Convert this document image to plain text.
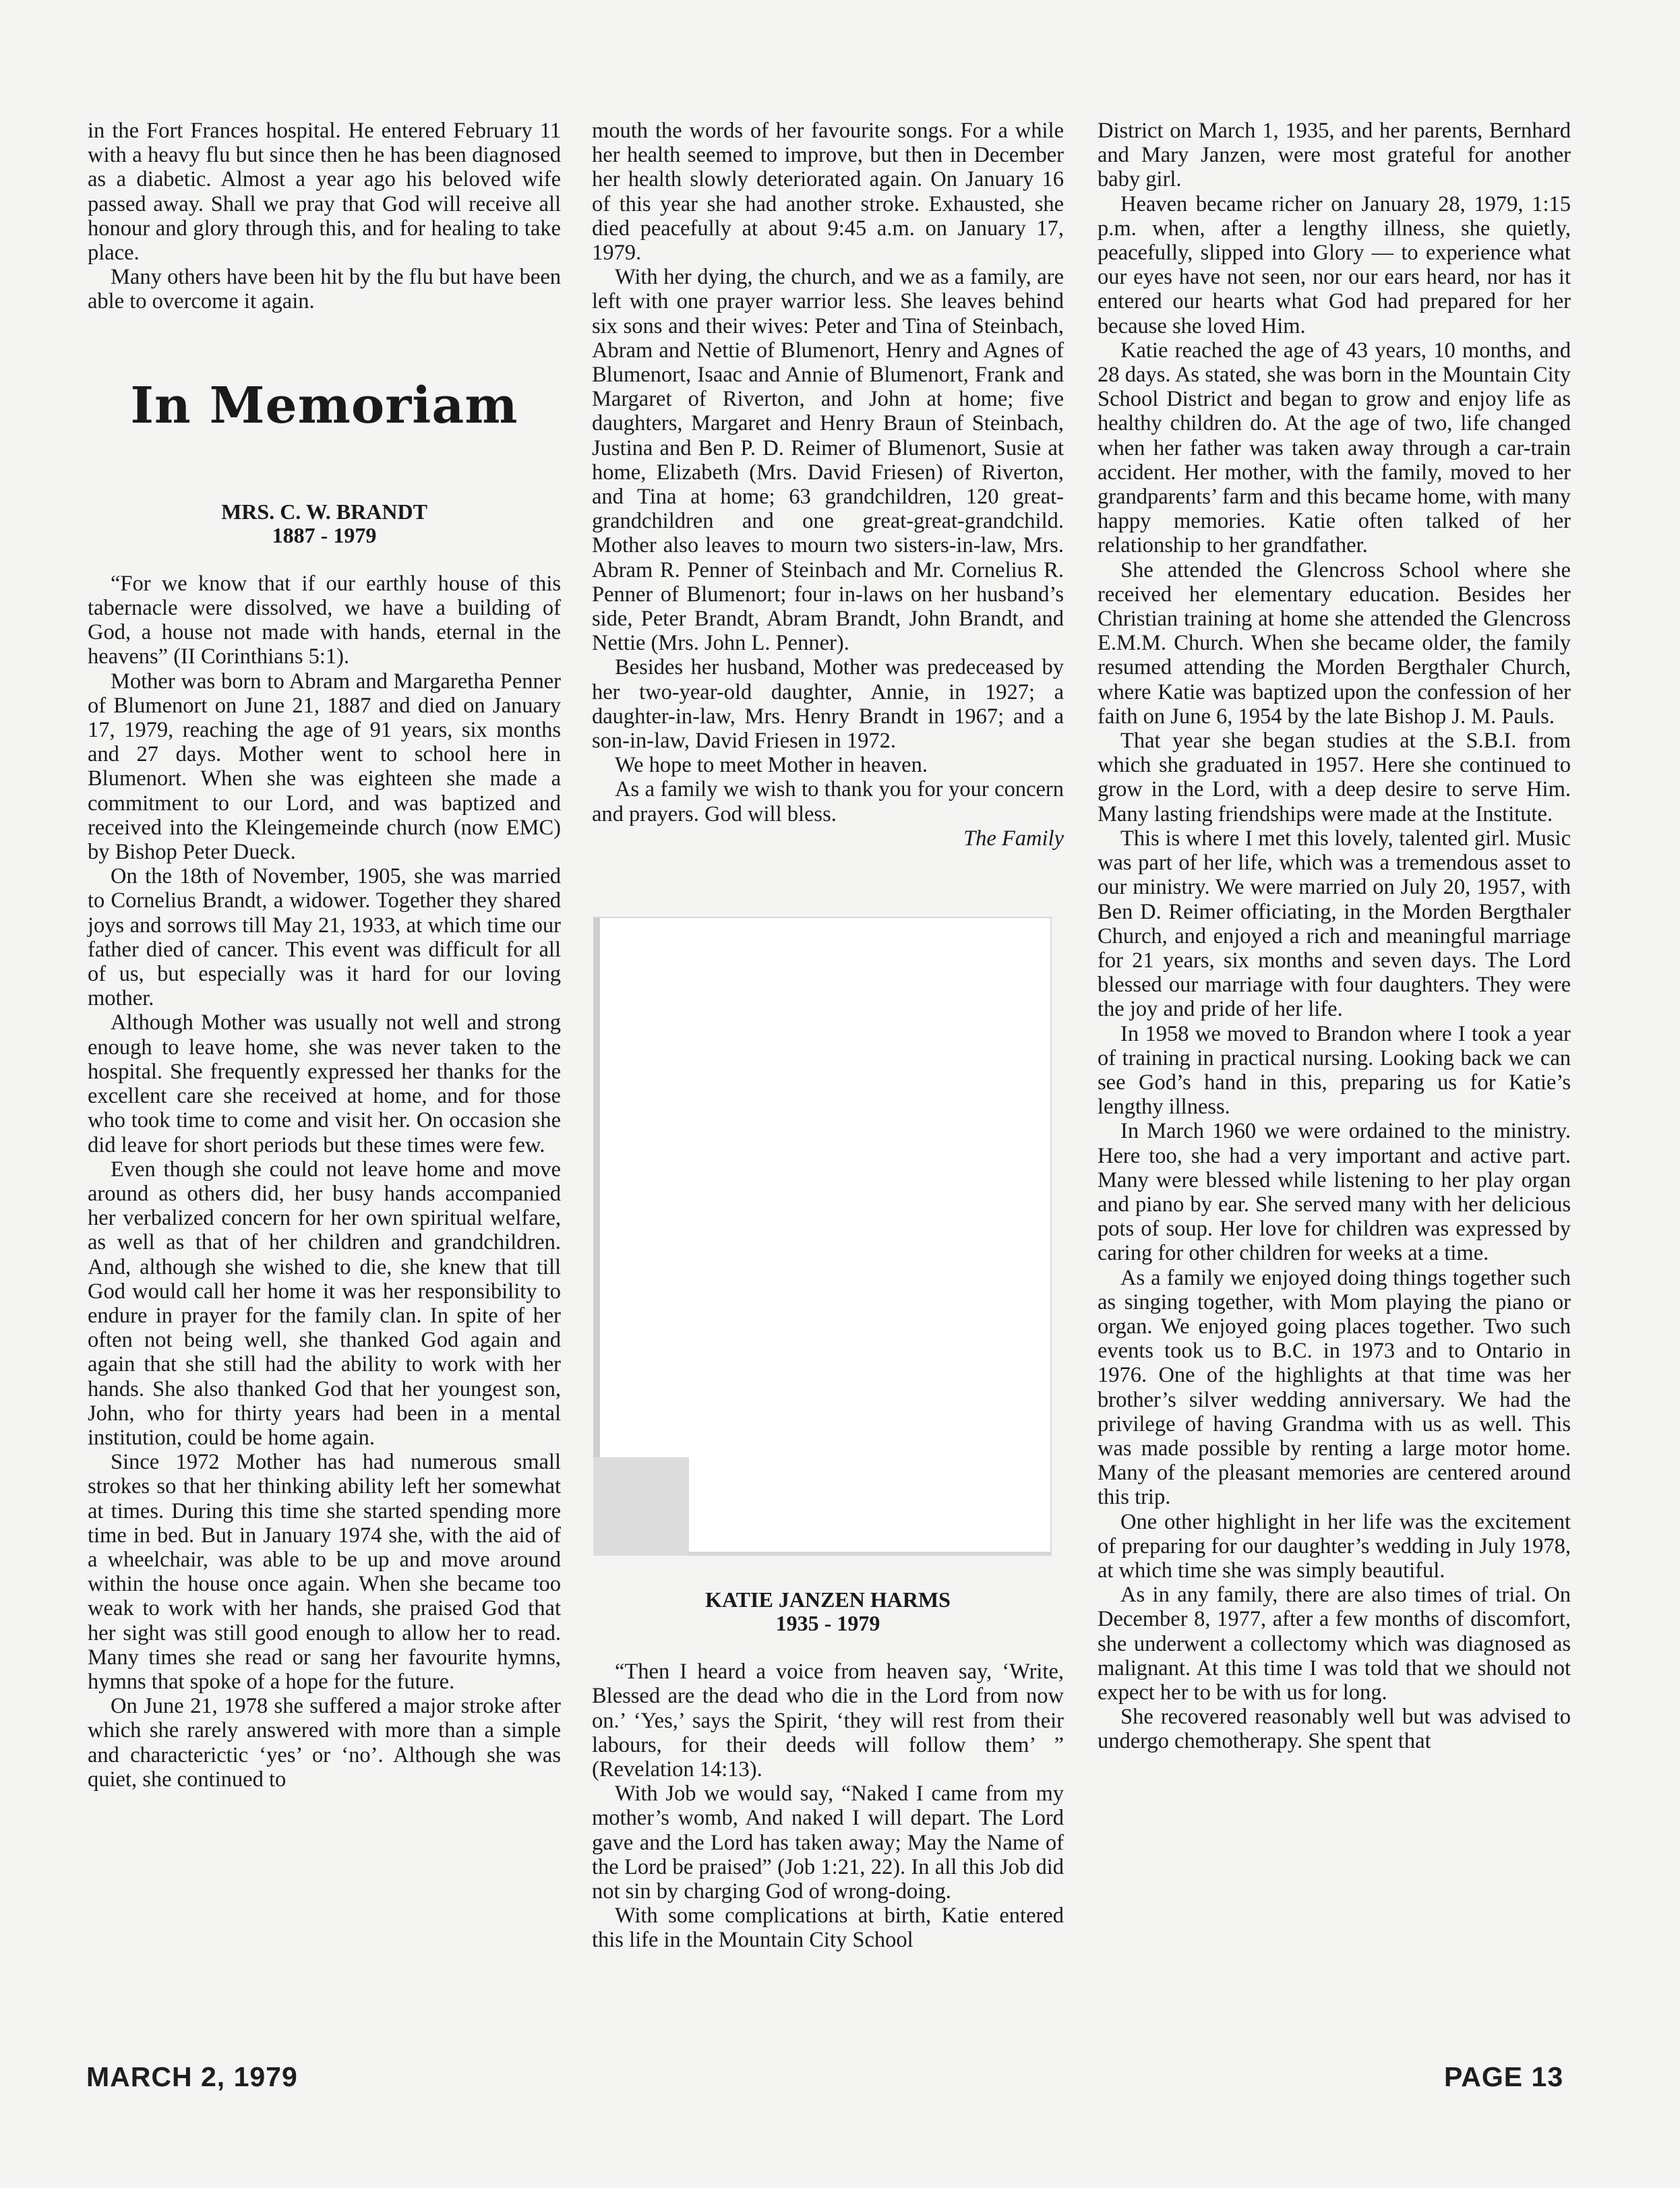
in the Fort Frances hospital. He entered February 11 with a heavy flu but since then he has been diagnosed as a diabetic. Almost a year ago his beloved wife passed away. Shall we pray that God will receive all honour and glory through this, and for healing to take place.

Many others have been hit by the flu but have been able to overcome it again.

In Memoriam
MRS. C. W. BRANDT
1887 - 1979

“For we know that if our earthly house of this tabernacle were dissolved, we have a building of God, a house not made with hands, eternal in the heavens” (II Corinthians 5:1).

Mother was born to Abram and Margaretha Penner of Blumenort on June 21, 1887 and died on January 17, 1979, reaching the age of 91 years, six months and 27 days. Mother went to school here in Blumenort. When she was eighteen she made a commitment to our Lord, and was baptized and received into the Kleingemeinde church (now EMC) by Bishop Peter Dueck.

On the 18th of November, 1905, she was married to Cornelius Brandt, a widower. Together they shared joys and sorrows till May 21, 1933, at which time our father died of cancer. This event was difficult for all of us, but especially was it hard for our loving mother.

Although Mother was usually not well and strong enough to leave home, she was never taken to the hospital. She frequently expressed her thanks for the excellent care she received at home, and for those who took time to come and visit her. On occasion she did leave for short periods but these times were few.

Even though she could not leave home and move around as others did, her busy hands accompanied her verbalized concern for her own spiritual welfare, as well as that of her children and grandchildren. And, although she wished to die, she knew that till God would call her home it was her responsibility to endure in prayer for the family clan. In spite of her often not being well, she thanked God again and again that she still had the ability to work with her hands. She also thanked God that her youngest son, John, who for thirty years had been in a mental institution, could be home again.

Since 1972 Mother has had numerous small strokes so that her thinking ability left her somewhat at times. During this time she started spending more time in bed. But in January 1974 she, with the aid of a wheelchair, was able to be up and move around within the house once again. When she became too weak to work with her hands, she praised God that her sight was still good enough to allow her to read. Many times she read or sang her favourite hymns, hymns that spoke of a hope for the future.

On June 21, 1978 she suffered a major stroke after which she rarely answered with more than a simple and characterictic ‘yes’ or ‘no’. Although she was quiet, she continued to

mouth the words of her favourite songs. For a while her health seemed to improve, but then in December her health slowly deteriorated again. On January 16 of this year she had another stroke. Exhausted, she died peacefully at about 9:45 a.m. on January 17, 1979.

With her dying, the church, and we as a family, are left with one prayer warrior less. She leaves behind six sons and their wives: Peter and Tina of Steinbach, Abram and Nettie of Blumenort, Henry and Agnes of Blumenort, Isaac and Annie of Blumenort, Frank and Margaret of Riverton, and John at home; five daughters, Margaret and Henry Braun of Steinbach, Justina and Ben P. D. Reimer of Blumenort, Susie at home, Elizabeth (Mrs. David Friesen) of Riverton, and Tina at home; 63 grandchildren, 120 great-grandchildren and one great-great-grandchild. Mother also leaves to mourn two sisters-in-law, Mrs. Abram R. Penner of Steinbach and Mr. Cornelius R. Penner of Blumenort; four in-laws on her husband’s side, Peter Brandt, Abram Brandt, John Brandt, and Nettie (Mrs. John L. Penner).

Besides her husband, Mother was predeceased by her two-year-old daughter, Annie, in 1927; a daughter-in-law, Mrs. Henry Brandt in 1967; and a son-in-law, David Friesen in 1972.

We hope to meet Mother in heaven.

As a family we wish to thank you for your concern and prayers. God will bless.

The Family

KATIE JANZEN HARMS
1935 - 1979

“Then I heard a voice from heaven say, ‘Write, Blessed are the dead who die in the Lord from now on.’ ‘Yes,’ says the Spirit, ‘they will rest from their labours, for their deeds will follow them’ ” (Revelation 14:13).

With Job we would say, “Naked I came from my mother’s womb, And naked I will depart. The Lord gave and the Lord has taken away; May the Name of the Lord be praised” (Job 1:21, 22). In all this Job did not sin by charging God of wrong-doing.

With some complications at birth, Katie entered this life in the Mountain City School

District on March 1, 1935, and her parents, Bernhard and Mary Janzen, were most grateful for another baby girl.

Heaven became richer on January 28, 1979, 1:15 p.m. when, after a lengthy illness, she quietly, peacefully, slipped into Glory — to experience what our eyes have not seen, nor our ears heard, nor has it entered our hearts what God had prepared for her because she loved Him.

Katie reached the age of 43 years, 10 months, and 28 days. As stated, she was born in the Mountain City School District and began to grow and enjoy life as healthy children do. At the age of two, life changed when her father was taken away through a car-train accident. Her mother, with the family, moved to her grandparents’ farm and this became home, with many happy memories. Katie often talked of her relationship to her grandfather.

She attended the Glencross School where she received her elementary education. Besides her Christian training at home she attended the Glencross E.M.M. Church. When she became older, the family resumed attending the Morden Bergthaler Church, where Katie was baptized upon the confession of her faith on June 6, 1954 by the late Bishop J. M. Pauls.

That year she began studies at the S.B.I. from which she graduated in 1957. Here she continued to grow in the Lord, with a deep desire to serve Him. Many lasting friendships were made at the Institute.

This is where I met this lovely, talented girl. Music was part of her life, which was a tremendous asset to our ministry. We were married on July 20, 1957, with Ben D. Reimer officiating, in the Morden Bergthaler Church, and enjoyed a rich and meaningful marriage for 21 years, six months and seven days. The Lord blessed our marriage with four daughters. They were the joy and pride of her life.

In 1958 we moved to Brandon where I took a year of training in practical nursing. Looking back we can see God’s hand in this, preparing us for Katie’s lengthy illness.

In March 1960 we were ordained to the ministry. Here too, she had a very important and active part. Many were blessed while listening to her play organ and piano by ear. She served many with her delicious pots of soup. Her love for children was expressed by caring for other children for weeks at a time.

As a family we enjoyed doing things together such as singing together, with Mom playing the piano or organ. We enjoyed going places together. Two such events took us to B.C. in 1973 and to Ontario in 1976. One of the highlights at that time was her brother’s silver wedding anniversary. We had the privilege of having Grandma with us as well. This was made possible by renting a large motor home. Many of the pleasant memories are centered around this trip.

One other highlight in her life was the excitement of preparing for our daughter’s wedding in July 1978, at which time she was simply beautiful.

As in any family, there are also times of trial. On December 8, 1977, after a few months of discomfort, she underwent a collectomy which was diagnosed as malignant. At this time I was told that we should not expect her to be with us for long.

She recovered reasonably well but was advised to undergo chemotherapy. She spent that

MARCH 2, 1979	PAGE 13
